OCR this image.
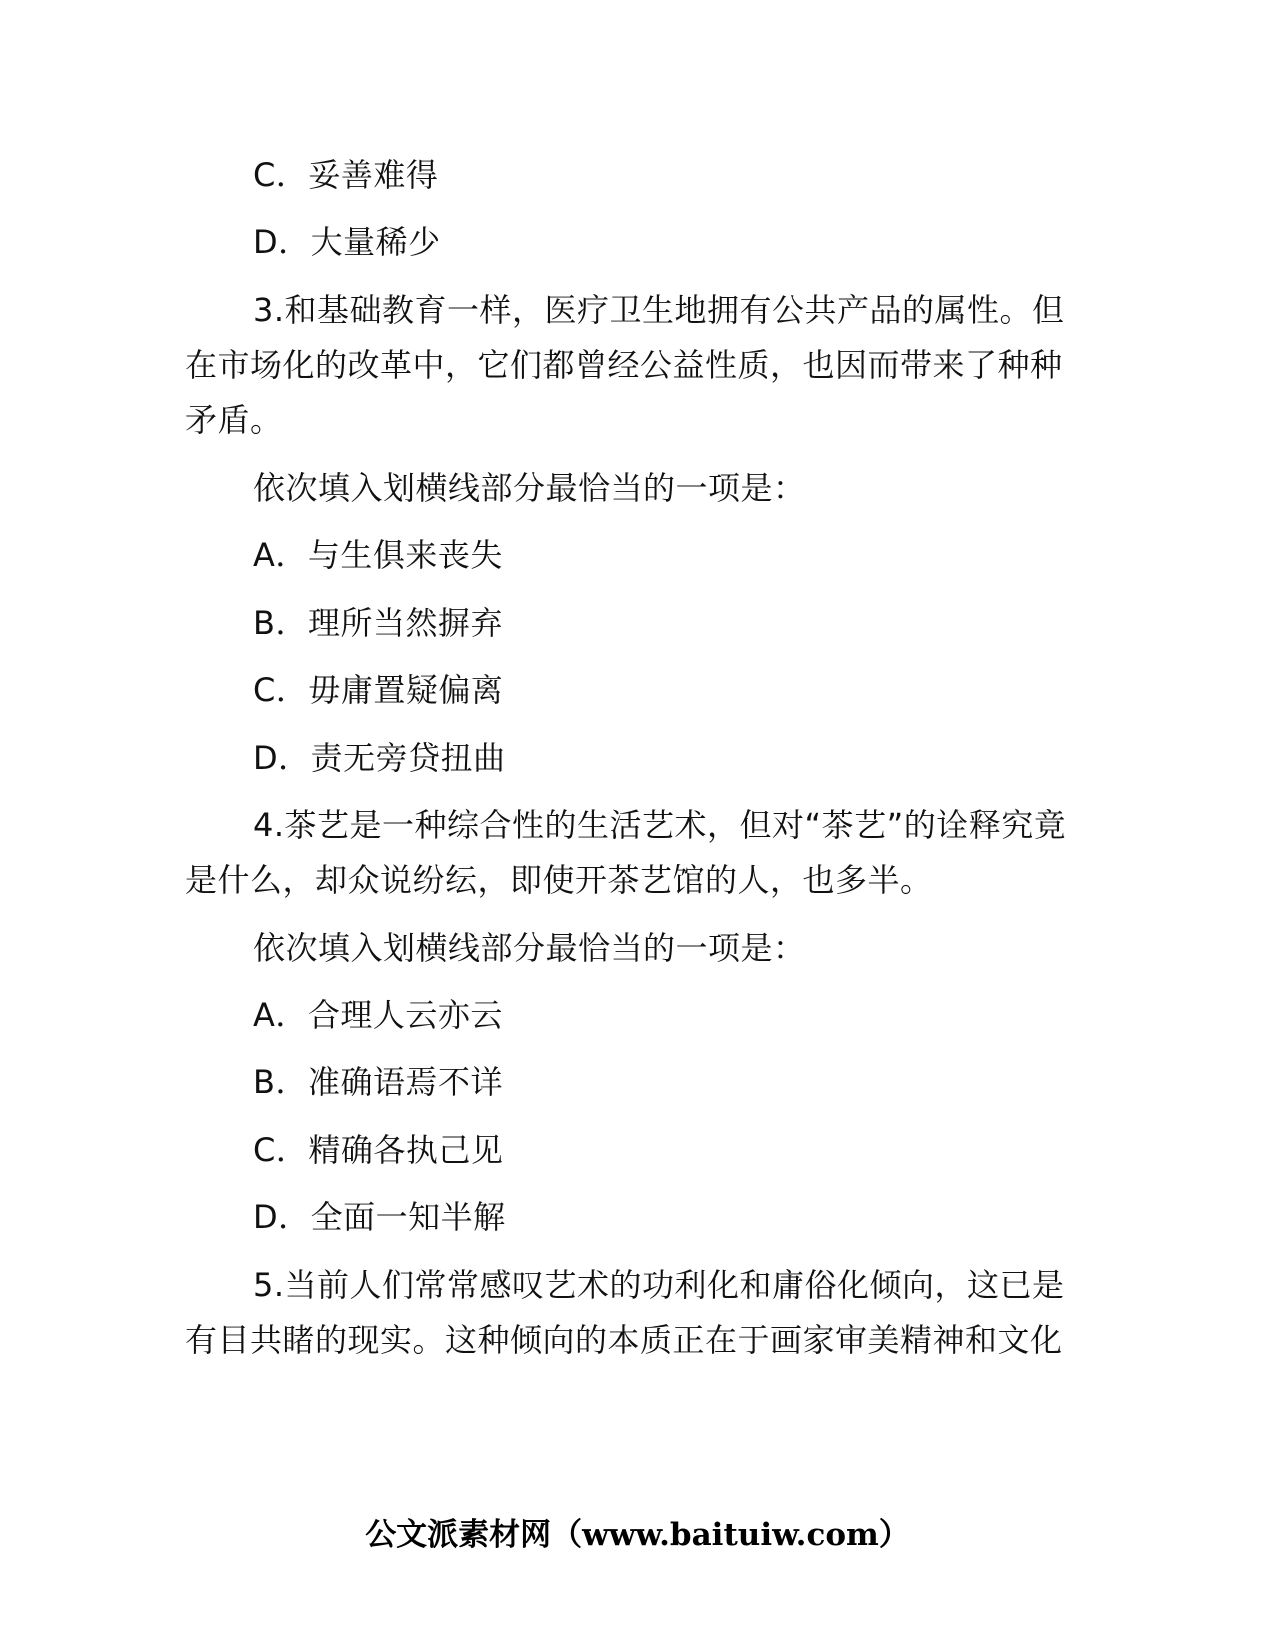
C．妥善难得
D．大量稀少
3.和基础教育一样，医疗卫生地拥有公共产品的属性。但
在市场化的改革中，它们都曾经公益性质，也因而带来了种种
矛盾。
依次填入划横线部分最恰当的一项是：
A．与生俱来丧失
B．理所当然摒弃
C．毋庸置疑偏离
D．责无旁贷扭曲
4.茶艺是一种综合性的生活艺术，但对“茶艺”的诠释究竟
是什么，却众说纷纭，即使开茶艺馆的人，也多半。
依次填入划横线部分最恰当的一项是：
A．合理人云亦云
B．准确语焉不详
C．精确各执己见
D．全面一知半解
5.当前人们常常感叹艺术的功利化和庸俗化倾向，这已是
有目共睹的现实。这种倾向的本质正在于画家审美精神和文化
公文派素材网（www.baituiw.com）
